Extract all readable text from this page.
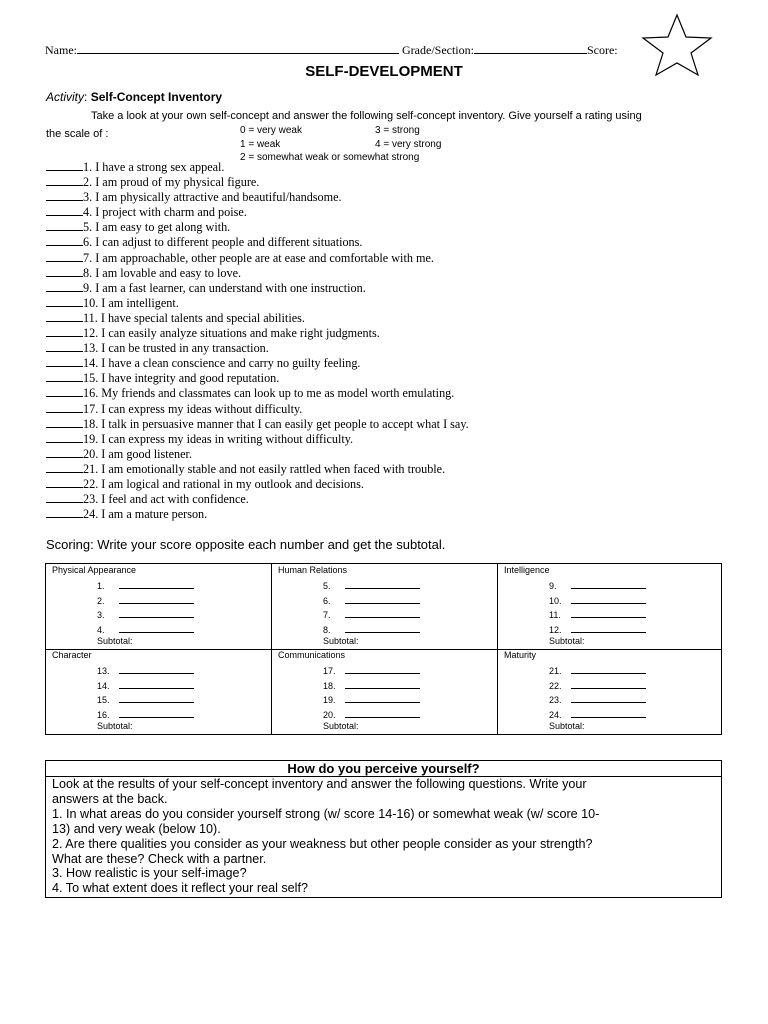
Name:	Grade/Section:	Score:
SELF-DEVELOPMENT
Activity: Self-Concept Inventory
Take a look at your own self-concept and answer the following self-concept inventory. Give yourself a rating using
the scale of :	0 = very weak
1 = weak
2 = somewhat weak or somewhat strong
3 = strong
4 = very strong
1. I have a strong sex appeal.
2. I am proud of my physical figure.
3. I am physically attractive and beautiful/handsome.
4. I project with charm and poise.
5. I am easy to get along with.
6. I can adjust to different people and different situations.
7. I am approachable, other people are at ease and comfortable with me.
8. I am lovable and easy to love.
9. I am a fast learner, can understand with one instruction.
10. I am intelligent.
11. I have special talents and special abilities.
12. I can easily analyze situations and make right judgments.
13. I can be trusted in any transaction.
14. I have a clean conscience and carry no guilty feeling.
15. I have integrity and good reputation.
16. My friends and classmates can look up to me as model worth emulating.
17. I can express my ideas without difficulty.
18. I talk in persuasive manner that I can easily get people to accept what I say.
19. I can express my ideas in writing without difficulty.
20. I am good listener.
21. I am emotionally stable and not easily rattled when faced with trouble.
22. I am logical and rational in my outlook and decisions.
23. I feel and act with confidence.
24. I am a mature person.
Scoring: Write your score opposite each number and get the subtotal.
Physical Appearance
1.
2.
3.
4.
Subtotal:
Human Relations
5.
6.
7.
8.
Subtotal:
Intelligence
9.
10.
11.
12.
Subtotal:
Character
13.
14.
15.
16.
Subtotal:
Communications
17.
18.
19.
20.
Subtotal:
Maturity
21.
22.
23.
24.
Subtotal:
How do you perceive yourself?
Look at the results of your self-concept inventory and answer the following questions. Write your
answers at the back.
1. In what areas do you consider yourself strong (w/ score 14-16) or somewhat weak (w/ score 10-
13) and very weak (below 10).
2. Are there qualities you consider as your weakness but other people consider as your strength?
What are these? Check with a partner.
3. How realistic is your self-image?
4. To what extent does it reflect your real self?
